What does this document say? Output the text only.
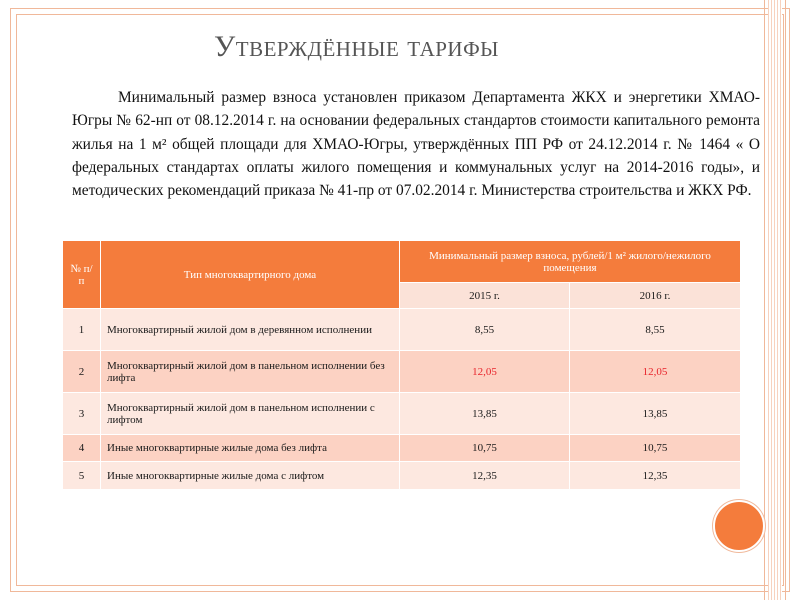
Утверждённые тарифы

Минимальный размер взноса установлен приказом Департамента ЖКХ и энергетики ХМАО-Югры № 62-нп от 08.12.2014 г. на основании федеральных стандартов стоимости капитального ремонта жилья на 1 м² общей площади для ХМАО-Югры, утверждённых ПП РФ от 24.12.2014 г. № 1464 « О федеральных стандартах оплаты жилого помещения и коммунальных услуг на 2014-2016 годы», и методических рекомендаций приказа № 41-пр от 07.02.2014 г. Министерства строительства и ЖКХ РФ.

№ п/п	Тип многоквартирного дома	Минимальный размер взноса, рублей/1 м² жилого/нежилого помещения	
		2015 г.	2016 г.
1	Многоквартирный жилой дом в деревянном исполнении	8,55	8,55
2	Многоквартирный жилой дом в панельном исполнении без лифта	12,05	12,05
3	Многоквартирный жилой дом в панельном исполнении с лифтом	13,85	13,85
4	Иные многоквартирные жилые дома без лифта	10,75	10,75
5	Иные многоквартирные жилые дома с лифтом	12,35	12,35
